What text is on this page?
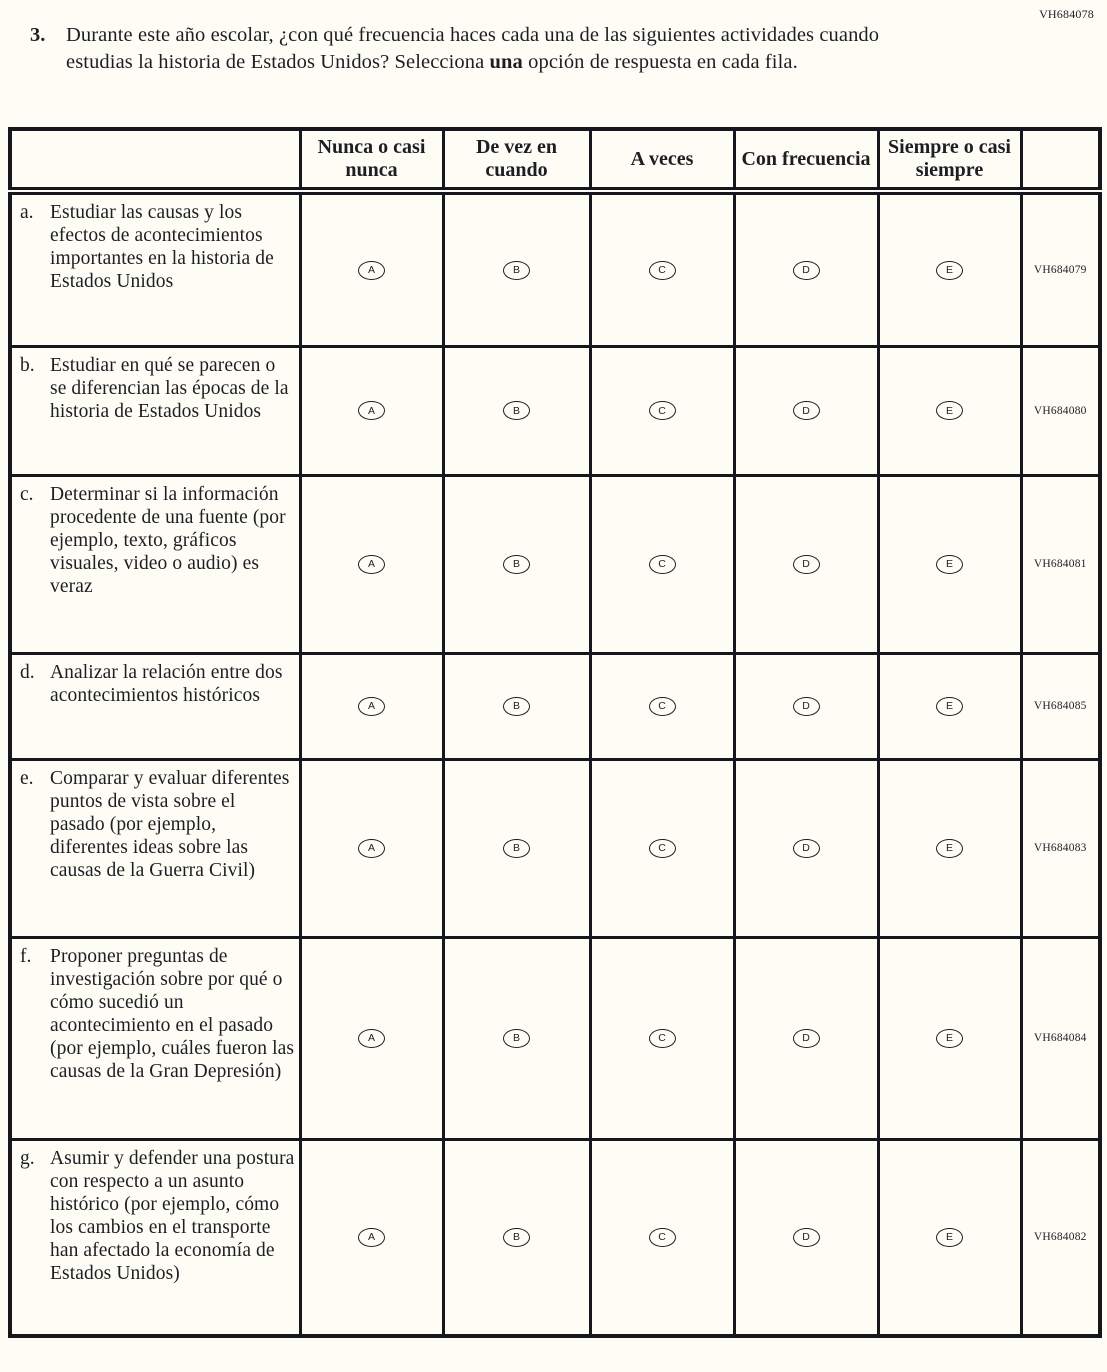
VH684078
3.	Durante este año escolar, ¿con qué frecuencia haces cada una de las siguientes actividades cuando estudias la historia de Estados Unidos? Selecciona una opción de respuesta en cada fila.

	Nunca o casi nunca	De vez en cuando	A veces	Con frecuencia	Siempre o casi siempre	

a. Estudiar las causas y los efectos de acontecimientos importantes en la historia de Estados Unidos	A	B	C	D	E	VH684079

b. Estudiar en qué se parecen o se diferencian las épocas de la historia de Estados Unidos	A	B	C	D	E	VH684080

c. Determinar si la información procedente de una fuente (por ejemplo, texto, gráficos visuales, video o audio) es veraz	A	B	C	D	E	VH684081

d. Analizar la relación entre dos acontecimientos históricos	A	B	C	D	E	VH684085

e. Comparar y evaluar diferentes puntos de vista sobre el pasado (por ejemplo, diferentes ideas sobre las causas de la Guerra Civil)	A	B	C	D	E	VH684083

f. Proponer preguntas de investigación sobre por qué o cómo sucedió un acontecimiento en el pasado (por ejemplo, cuáles fueron las causas de la Gran Depresión)	A	B	C	D	E	VH684084

g. Asumir y defender una postura con respecto a un asunto histórico (por ejemplo, cómo los cambios en el transporte han afectado la economía de Estados Unidos)	A	B	C	D	E	VH684082
